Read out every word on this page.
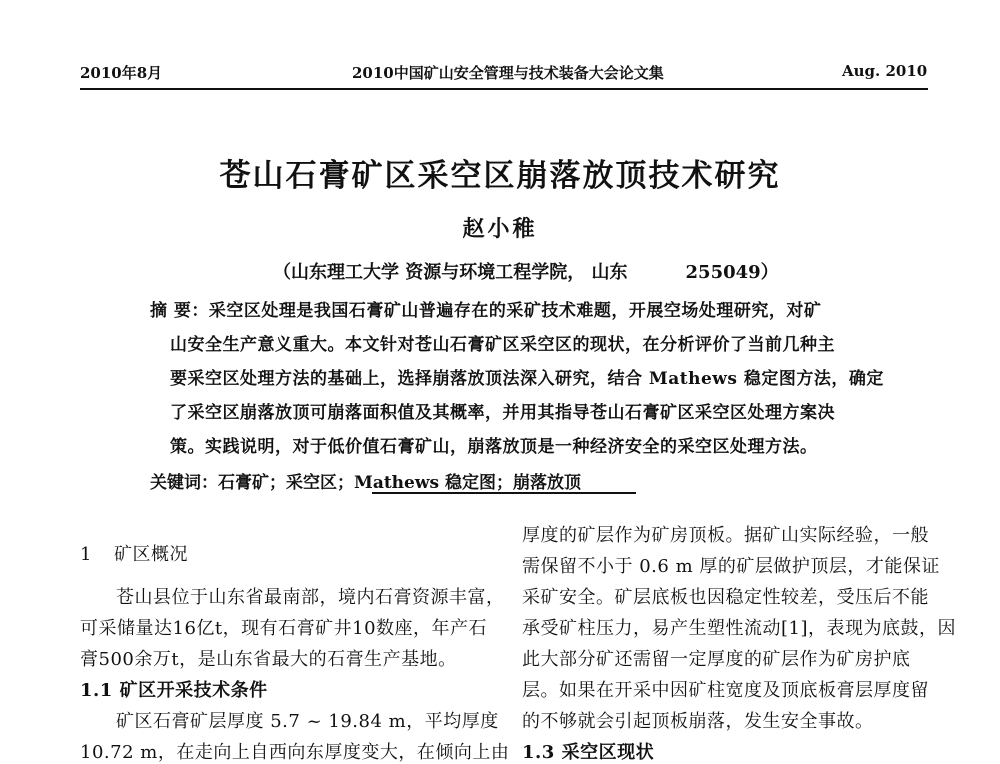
2010年8月	2010中国矿山安全管理与技术装备大会论文集	Aug. 2010
苍山石膏矿区采空区崩落放顶技术研究
赵小稚
（山东理工大学 资源与环境工程学院， 山东	255049）
摘 要：采空区处理是我国石膏矿山普遍存在的采矿技术难题，开展空场处理研究，对矿
山安全生产意义重大。本文针对苍山石膏矿区采空区的现状，在分析评价了当前几种主
要采空区处理方法的基础上，选择崩落放顶法深入研究，结合 Mathews 稳定图方法，确定
了采空区崩落放顶可崩落面积值及其概率，并用其指导苍山石膏矿区采空区处理方案决
策。实践说明，对于低价值石膏矿山，崩落放顶是一种经济安全的采空区处理方法。
关键词：石膏矿；采空区；Mathews 稳定图；崩落放顶
1 矿区概况
苍山县位于山东省最南部，境内石膏资源丰富，
可采储量达16亿t，现有石膏矿井10数座，年产石
膏500余万t，是山东省最大的石膏生产基地。
1.1 矿区开采技术条件
矿区石膏矿层厚度 5.7 ~ 19.84 m，平均厚度
10.72 m，在走向上自西向东厚度变大，在倾向上由
厚度的矿层作为矿房顶板。据矿山实际经验，一般
需保留不小于 0.6 m 厚的矿层做护顶层，才能保证
采矿安全。矿层底板也因稳定性较差，受压后不能
承受矿柱压力，易产生塑性流动[1]，表现为底鼓，因
此大部分矿还需留一定厚度的矿层作为矿房护底
层。如果在开采中因矿柱宽度及顶底板膏层厚度留
的不够就会引起顶板崩落，发生安全事故。
1.3 采空区现状
